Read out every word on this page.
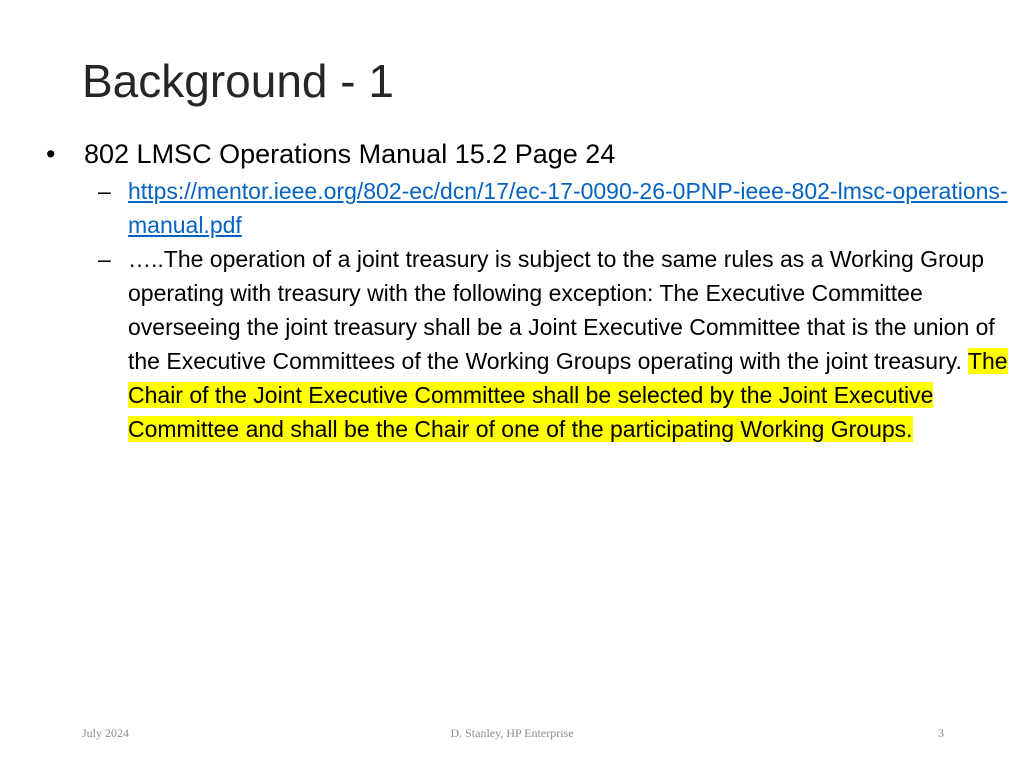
Background - 1
• 802 LMSC Operations Manual 15.2 Page 24
– https://mentor.ieee.org/802-ec/dcn/17/ec-17-0090-26-0PNP-ieee-802-lmsc-operations-manual.pdf
– …..The operation of a joint treasury is subject to the same rules as a Working Group operating with treasury with the following exception: The Executive Committee overseeing the joint treasury shall be a Joint Executive Committee that is the union of the Executive Committees of the Working Groups operating with the joint treasury. The Chair of the Joint Executive Committee shall be selected by the Joint Executive Committee and shall be the Chair of one of the participating Working Groups.
July 2024	D. Stanley, HP Enterprise	3
